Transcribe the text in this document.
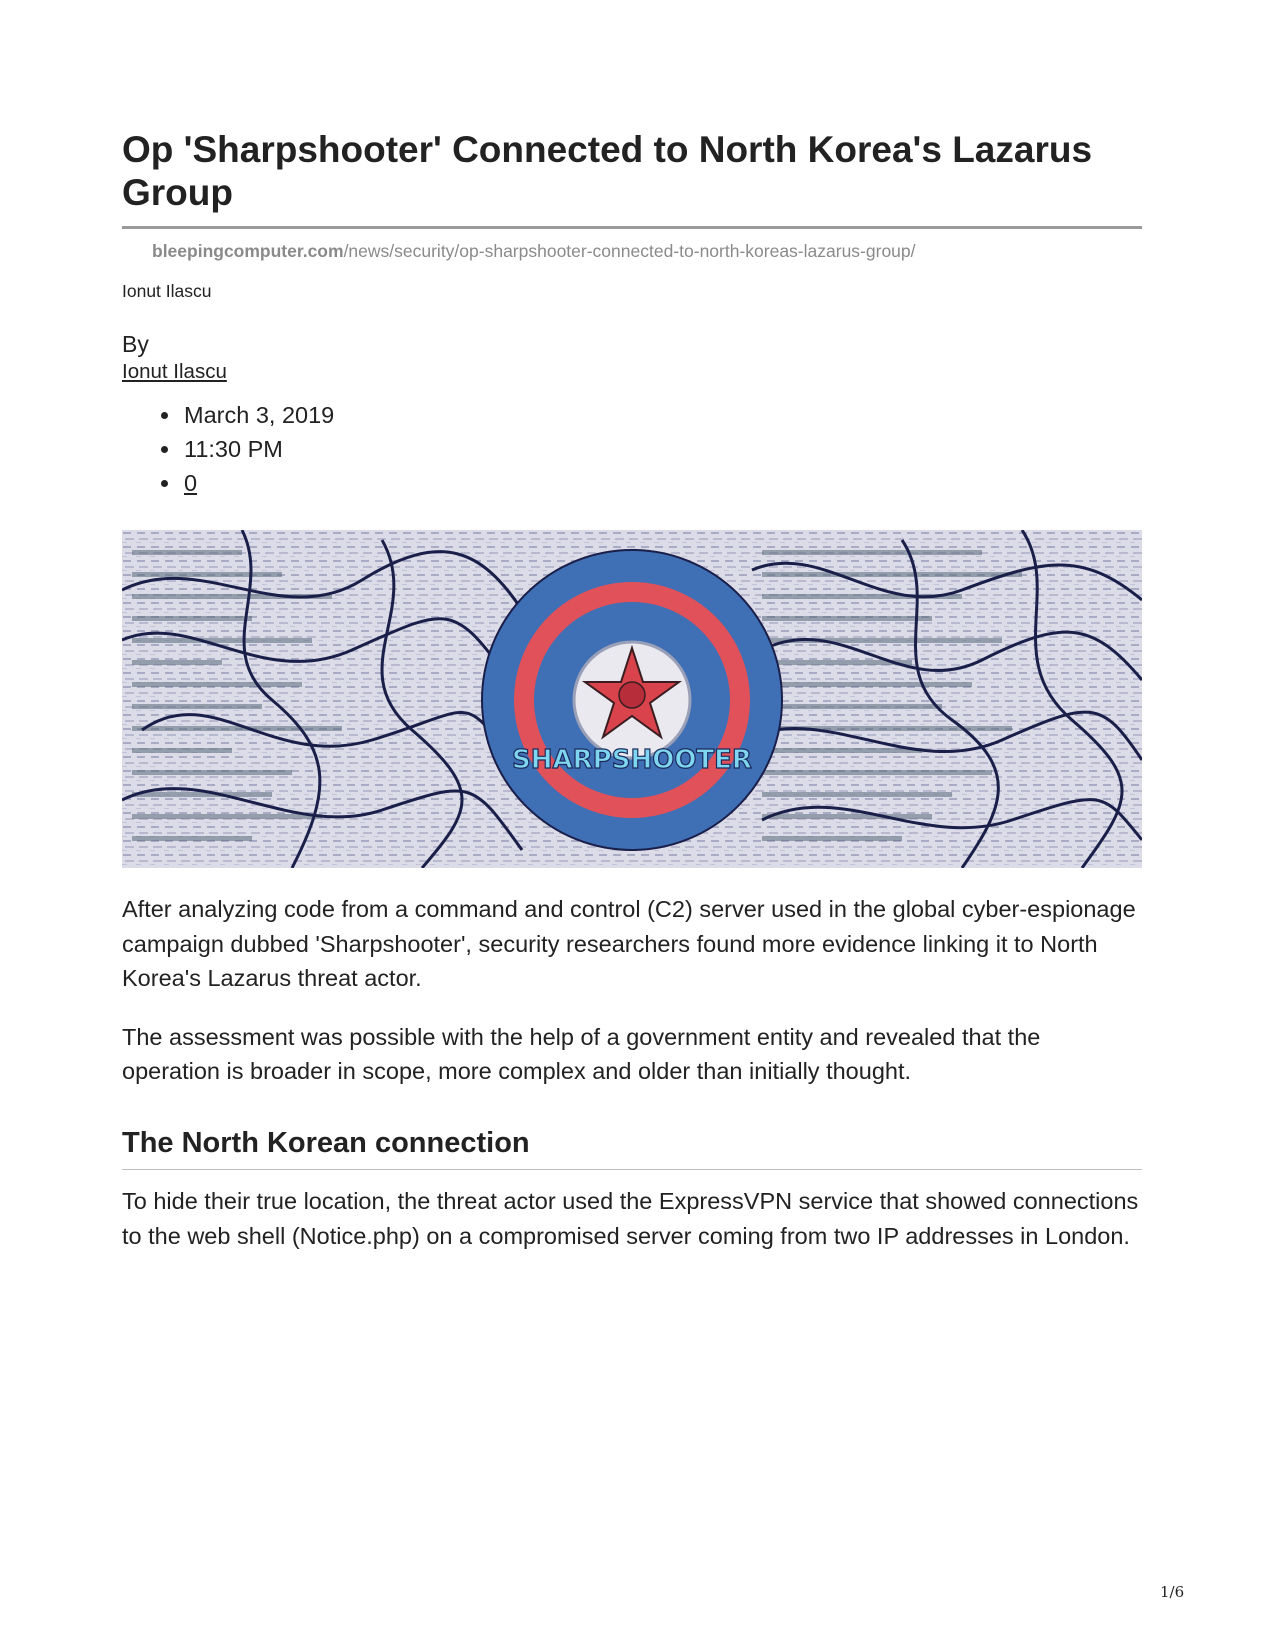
Op 'Sharpshooter' Connected to North Korea's Lazarus Group
bleepingcomputer.com/news/security/op-sharpshooter-connected-to-north-koreas-lazarus-group/
Ionut Ilascu
By
Ionut Ilascu
• March 3, 2019
• 11:30 PM
• 0
SHARPSHOOTER

After analyzing code from a command and control (C2) server used in the global cyber-espionage campaign dubbed 'Sharpshooter', security researchers found more evidence linking it to North Korea's Lazarus threat actor.

The assessment was possible with the help of a government entity and revealed that the operation is broader in scope, more complex and older than initially thought.

The North Korean connection

To hide their true location, the threat actor used the ExpressVPN service that showed connections to the web shell (Notice.php) on a compromised server coming from two IP addresses in London.

1/6
